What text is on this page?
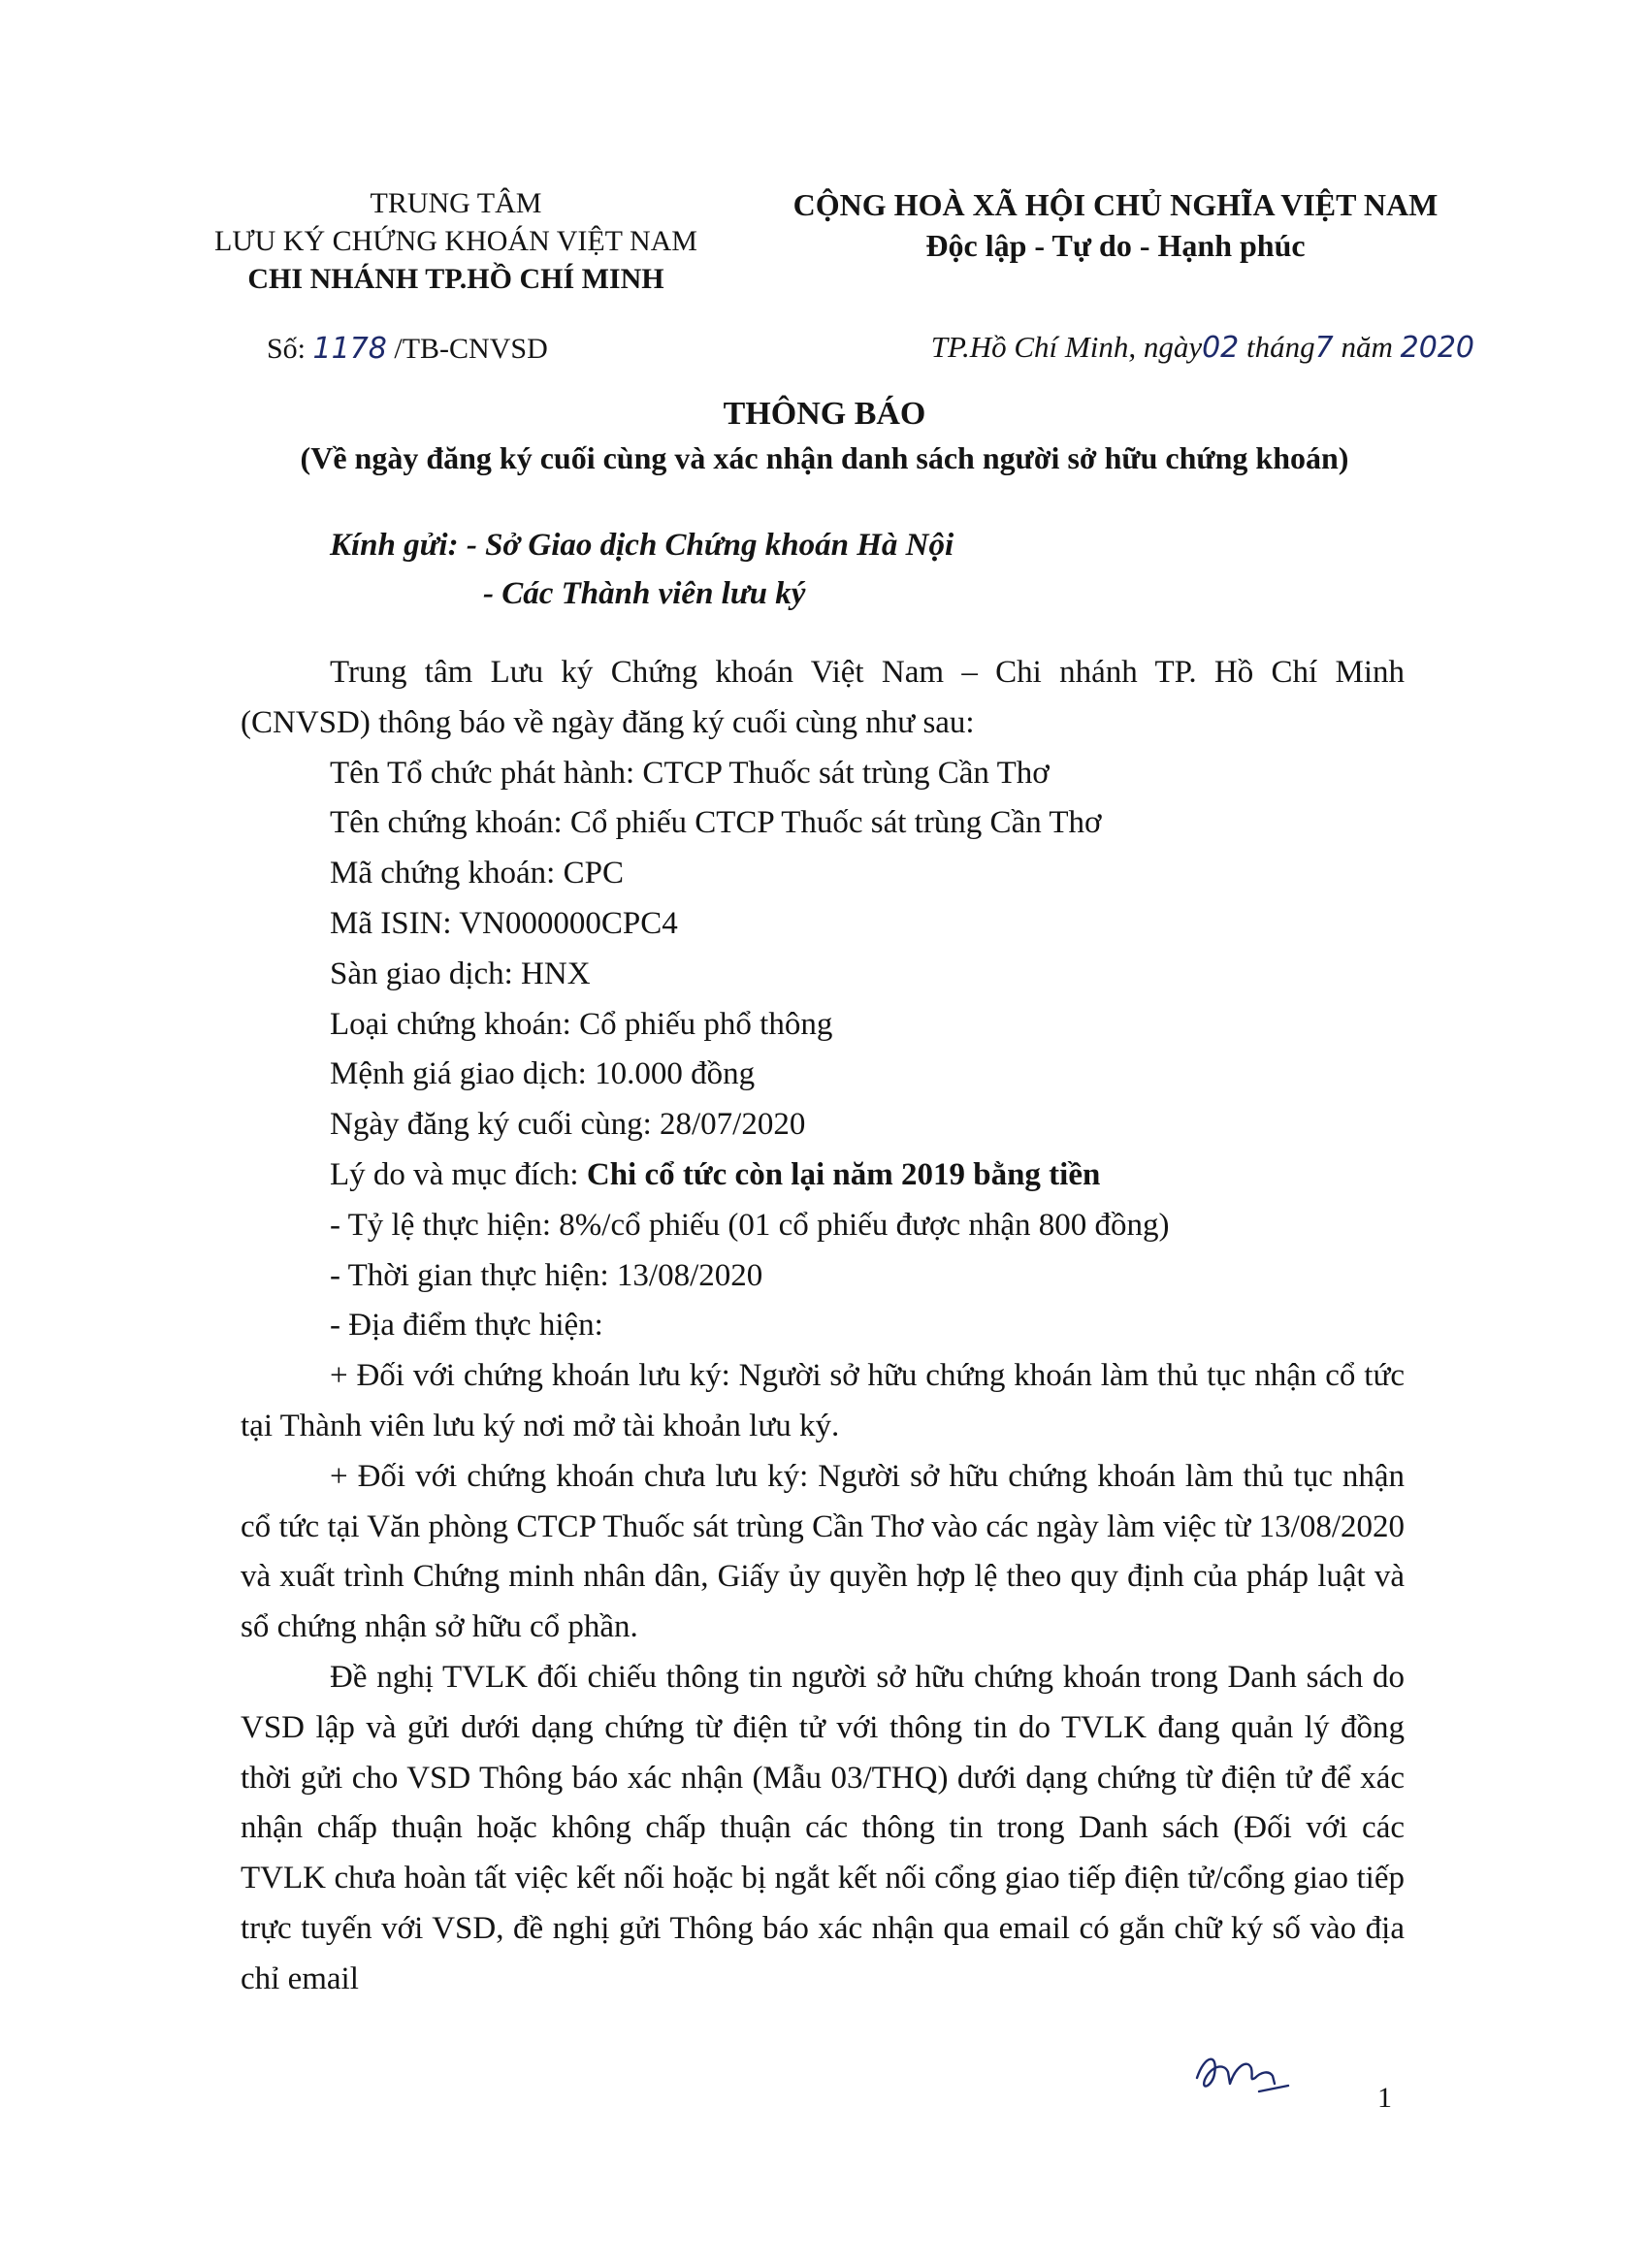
TRUNG TÂM
LƯU KÝ CHỨNG KHOÁN VIỆT NAM
CHI NHÁNH TP.HỒ CHÍ MINH
CỘNG HOÀ XÃ HỘI CHỦ NGHĨA VIỆT NAM
Độc lập - Tự do - Hạnh phúc
Số: 1178 /TB-CNVSD	TP.Hồ Chí Minh, ngày02 tháng7 năm 2020
THÔNG BÁO
(Về ngày đăng ký cuối cùng và xác nhận danh sách người sở hữu chứng khoán)
Kính gửi: - Sở Giao dịch Chứng khoán Hà Nội
- Các Thành viên lưu ký

Trung tâm Lưu ký Chứng khoán Việt Nam – Chi nhánh TP. Hồ Chí Minh (CNVSD) thông báo về ngày đăng ký cuối cùng như sau:

Tên Tổ chức phát hành: CTCP Thuốc sát trùng Cần Thơ

Tên chứng khoán: Cổ phiếu CTCP Thuốc sát trùng Cần Thơ

Mã chứng khoán: CPC

Mã ISIN: VN000000CPC4

Sàn giao dịch: HNX

Loại chứng khoán: Cổ phiếu phổ thông

Mệnh giá giao dịch: 10.000 đồng

Ngày đăng ký cuối cùng: 28/07/2020

Lý do và mục đích: Chi cổ tức còn lại năm 2019 bằng tiền

- Tỷ lệ thực hiện: 8%/cổ phiếu (01 cổ phiếu được nhận 800 đồng)

- Thời gian thực hiện: 13/08/2020

- Địa điểm thực hiện:

+ Đối với chứng khoán lưu ký: Người sở hữu chứng khoán làm thủ tục nhận cổ tức tại Thành viên lưu ký nơi mở tài khoản lưu ký.

+ Đối với chứng khoán chưa lưu ký: Người sở hữu chứng khoán làm thủ tục nhận cổ tức tại Văn phòng CTCP Thuốc sát trùng Cần Thơ vào các ngày làm việc từ 13/08/2020 và xuất trình Chứng minh nhân dân, Giấy ủy quyền hợp lệ theo quy định của pháp luật và sổ chứng nhận sở hữu cổ phần.

Đề nghị TVLK đối chiếu thông tin người sở hữu chứng khoán trong Danh sách do VSD lập và gửi dưới dạng chứng từ điện tử với thông tin do TVLK đang quản lý đồng thời gửi cho VSD Thông báo xác nhận (Mẫu 03/THQ) dưới dạng chứng từ điện tử để xác nhận chấp thuận hoặc không chấp thuận các thông tin trong Danh sách (Đối với các TVLK chưa hoàn tất việc kết nối hoặc bị ngắt kết nối cổng giao tiếp điện tử/cổng giao tiếp trực tuyến với VSD, đề nghị gửi Thông báo xác nhận qua email có gắn chữ ký số vào địa chỉ email

1
